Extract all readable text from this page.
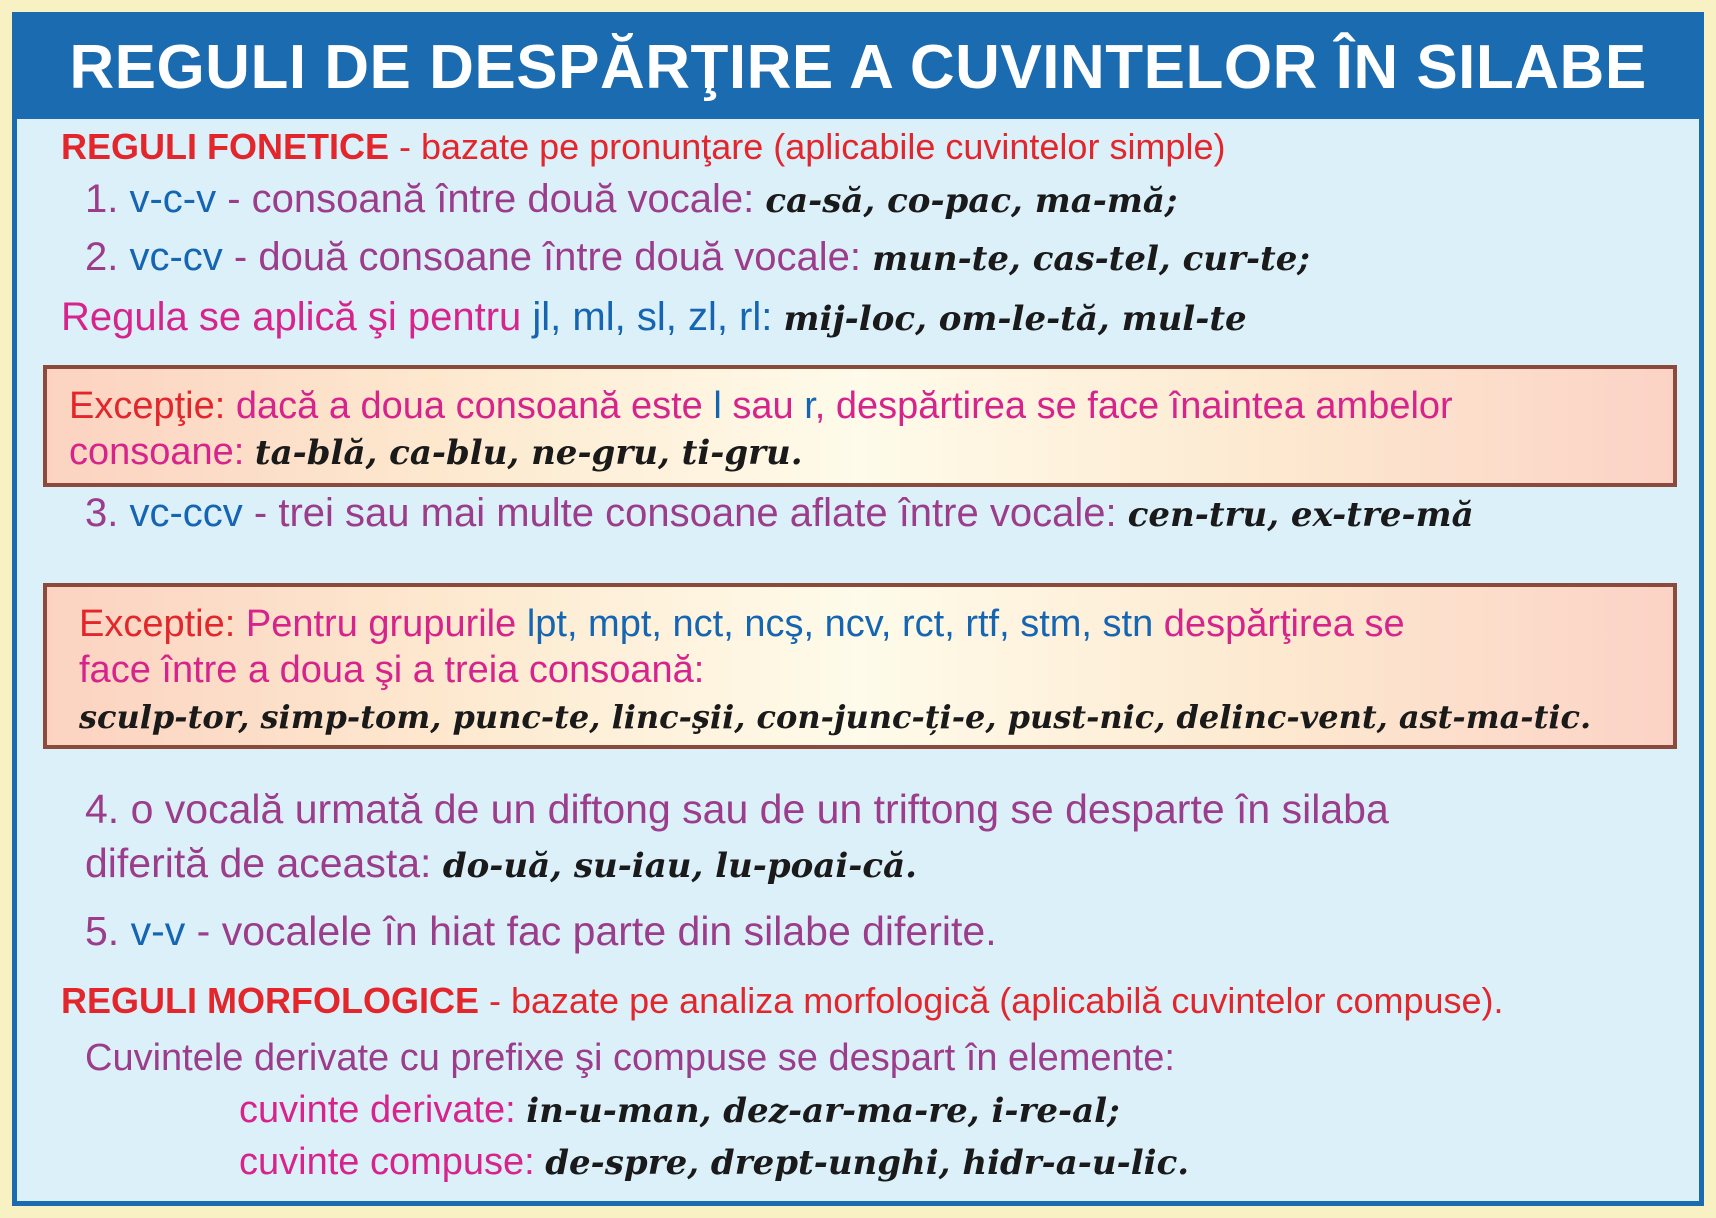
REGULI DE DESPĂRŢIRE A CUVINTELOR ÎN SILABE
REGULI FONETICE - bazate pe pronunţare (aplicabile cuvintelor simple)
1. v-c-v - consoană între două vocale: ca-să, co-pac, ma-mă;
2. vc-cv - două consoane între două vocale: mun-te, cas-tel, cur-te;
Regula se aplică şi pentru jl, ml, sl, zl, rl: mij-loc, om-le-tă, mul-te
Excepţie: dacă a doua consoană este l sau r, despărtirea se face înaintea ambelor
consoane: ta-blă, ca-blu, ne-gru, ti-gru.
3. vc-ccv - trei sau mai multe consoane aflate între vocale: cen-tru, ex-tre-mă
Exceptie: Pentru grupurile lpt, mpt, nct, ncş, ncv, rct, rtf, stm, stn despărţirea se
face între a doua şi a treia consoană:
sculp-tor, simp-tom, punc-te, linc-şii, con-junc-ți-e, pust-nic, delinc-vent, ast-ma-tic.
4. o vocală urmată de un diftong sau de un triftong se desparte în silaba
diferită de aceasta: do-uă, su-iau, lu-poai-că.
5. v-v - vocalele în hiat fac parte din silabe diferite.
REGULI MORFOLOGICE - bazate pe analiza morfologică (aplicabilă cuvintelor compuse).
Cuvintele derivate cu prefixe şi compuse se despart în elemente:
cuvinte derivate: in-u-man, dez-ar-ma-re, i-re-al;
cuvinte compuse: de-spre, drept-unghi, hidr-a-u-lic.
